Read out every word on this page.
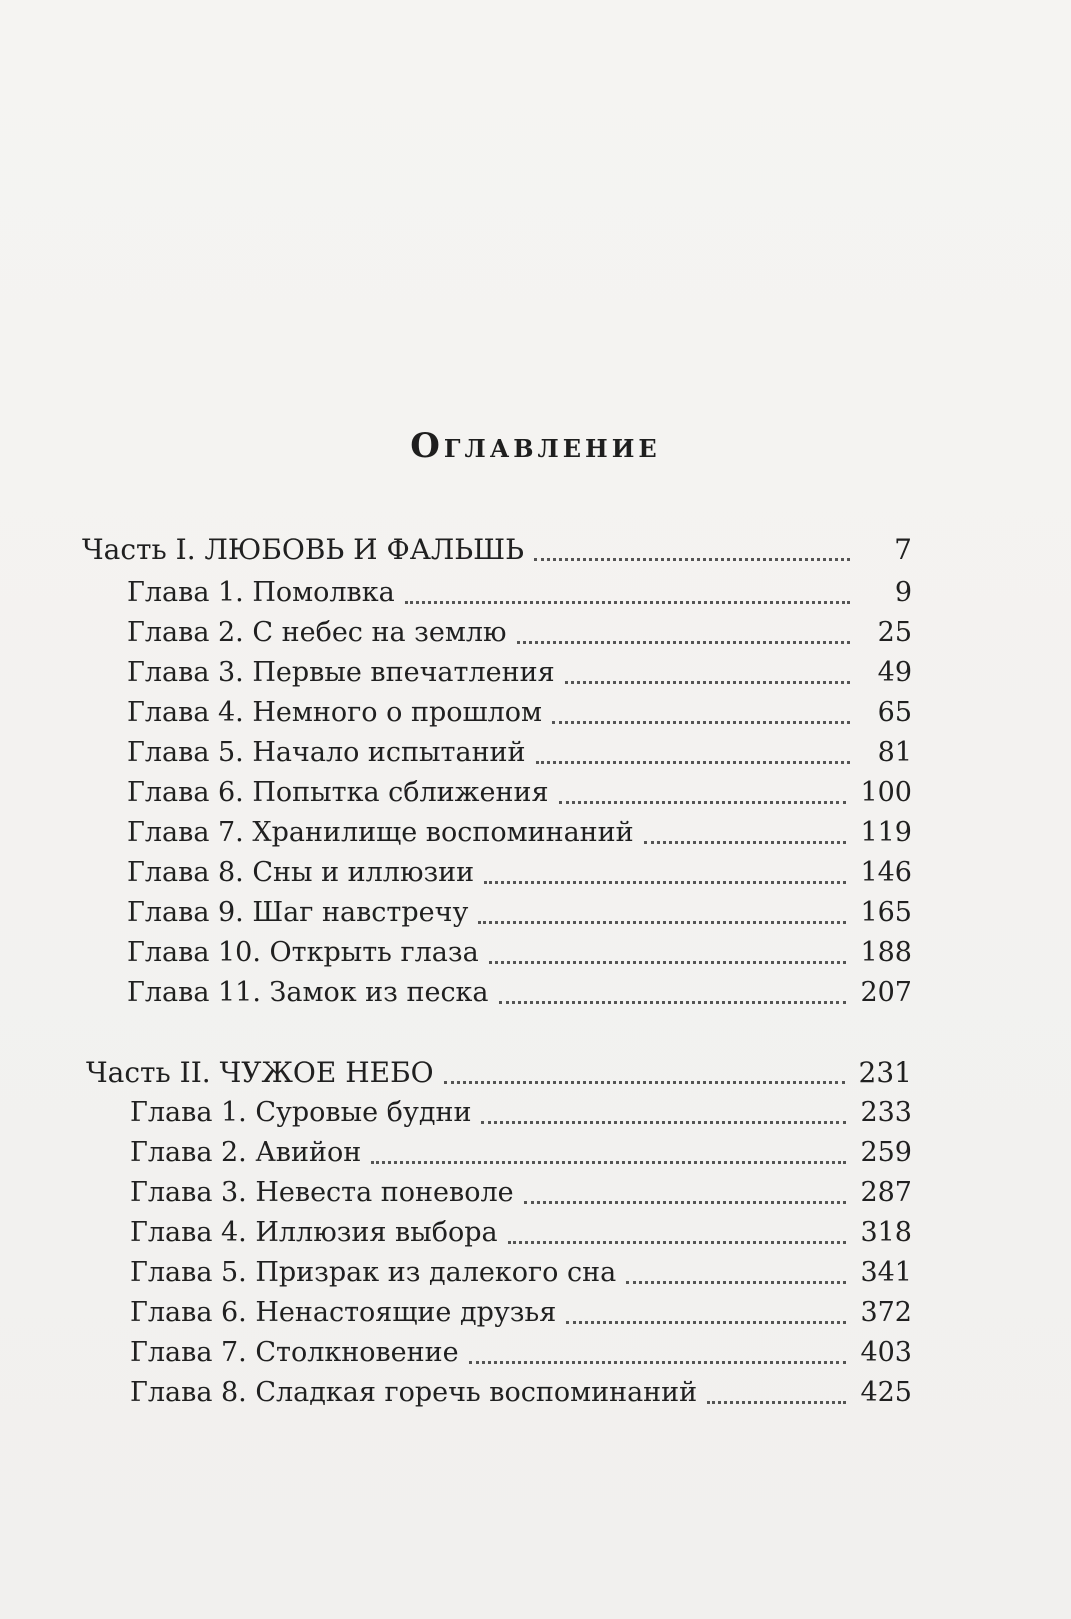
Оглавление
Часть I. ЛЮБОВЬ И ФАЛЬШЬ	7
Глава 1. Помолвка	9
Глава 2. С небес на землю	25
Глава 3. Первые впечатления	49
Глава 4. Немного о прошлом	65
Глава 5. Начало испытаний	81
Глава 6. Попытка сближения	100
Глава 7. Хранилище воспоминаний	119
Глава 8. Сны и иллюзии	146
Глава 9. Шаг навстречу	165
Глава 10. Открыть глаза	188
Глава 11. Замок из песка	207
Часть II. ЧУЖОЕ НЕБО	231
Глава 1. Суровые будни	233
Глава 2. Авийон	259
Глава 3. Невеста поневоле	287
Глава 4. Иллюзия выбора	318
Глава 5. Призрак из далекого сна	341
Глава 6. Ненастоящие друзья	372
Глава 7. Столкновение	403
Глава 8. Сладкая горечь воспоминаний	425
